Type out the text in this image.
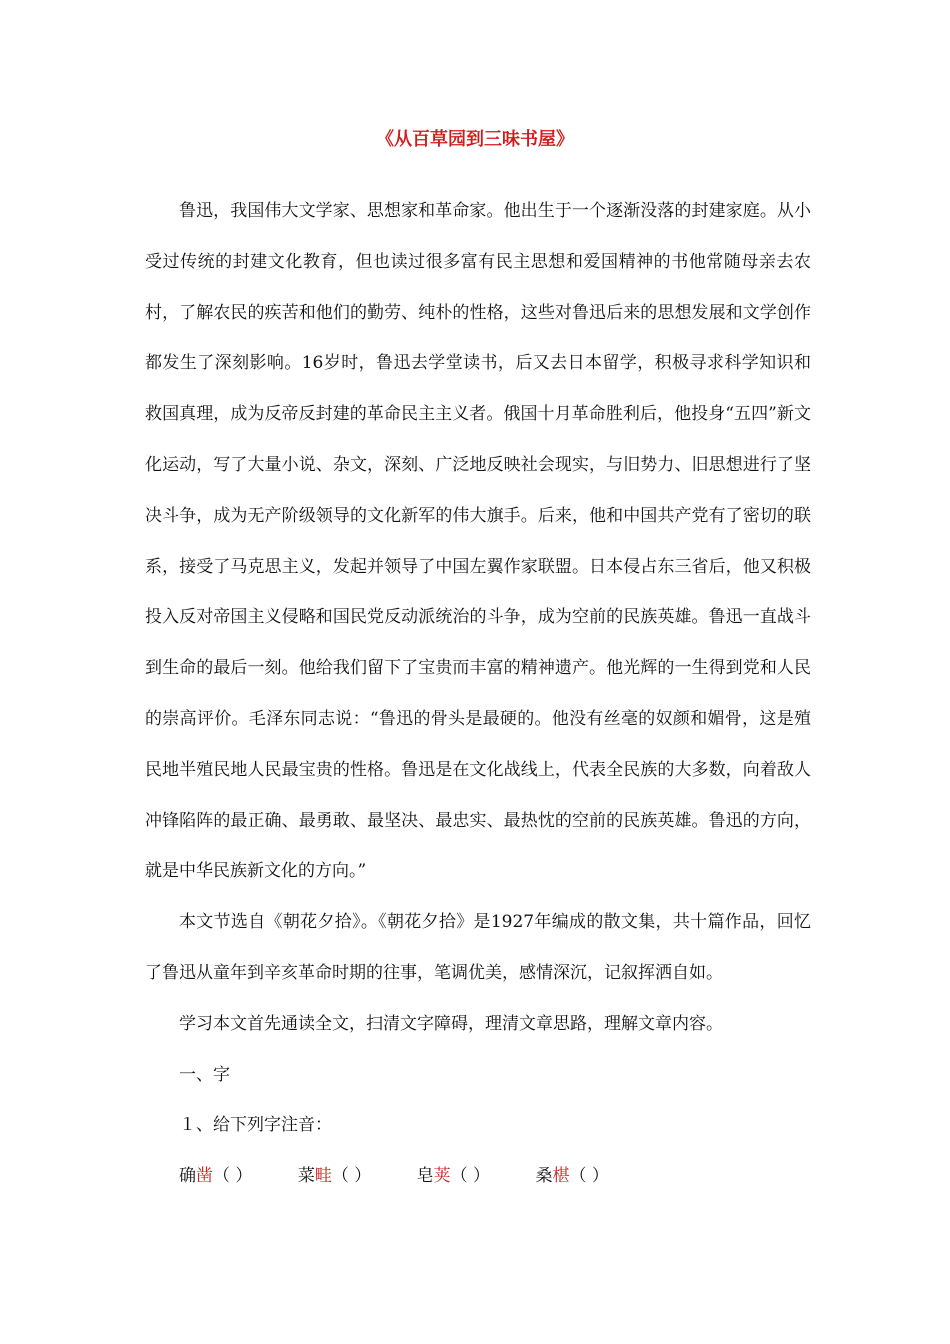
《从百草园到三味书屋》

鲁迅，我国伟大文学家、思想家和革命家。他出生于一个逐渐没落的封建家庭。从小受过传统的封建文化教育，但也读过很多富有民主思想和爱国精神的书他常随母亲去农村，了解农民的疾苦和他们的勤劳、纯朴的性格，这些对鲁迅后来的思想发展和文学创作都发生了深刻影响。16岁时，鲁迅去学堂读书，后又去日本留学，积极寻求科学知识和救国真理，成为反帝反封建的革命民主主义者。俄国十月革命胜利后，他投身“五四”新文化运动，写了大量小说、杂文，深刻、广泛地反映社会现实，与旧势力、旧思想进行了坚决斗争，成为无产阶级领导的文化新军的伟大旗手。后来，他和中国共产党有了密切的联系，接受了马克思主义，发起并领导了中国左翼作家联盟。日本侵占东三省后，他又积极投入反对帝国主义侵略和国民党反动派统治的斗争，成为空前的民族英雄。鲁迅一直战斗到生命的最后一刻。他给我们留下了宝贵而丰富的精神遗产。他光辉的一生得到党和人民的崇高评价。毛泽东同志说：“鲁迅的骨头是最硬的。他没有丝毫的奴颜和媚骨，这是殖民地半殖民地人民最宝贵的性格。鲁迅是在文化战线上，代表全民族的大多数，向着敌人冲锋陷阵的最正确、最勇敢、最坚决、最忠实、最热忱的空前的民族英雄。鲁迅的方向，就是中华民族新文化的方向。”

本文节选自《朝花夕拾》。《朝花夕拾》是1927年编成的散文集，共十篇作品，回忆了鲁迅从童年到辛亥革命时期的往事，笔调优美，感情深沉，记叙挥洒自如。

学习本文首先通读全文，扫清文字障碍，理清文章思路，理解文章内容。

一、字

１、给下列字注音：

确凿（ ）	菜畦（ ）	皂荚（ ）	桑椹（ ）
